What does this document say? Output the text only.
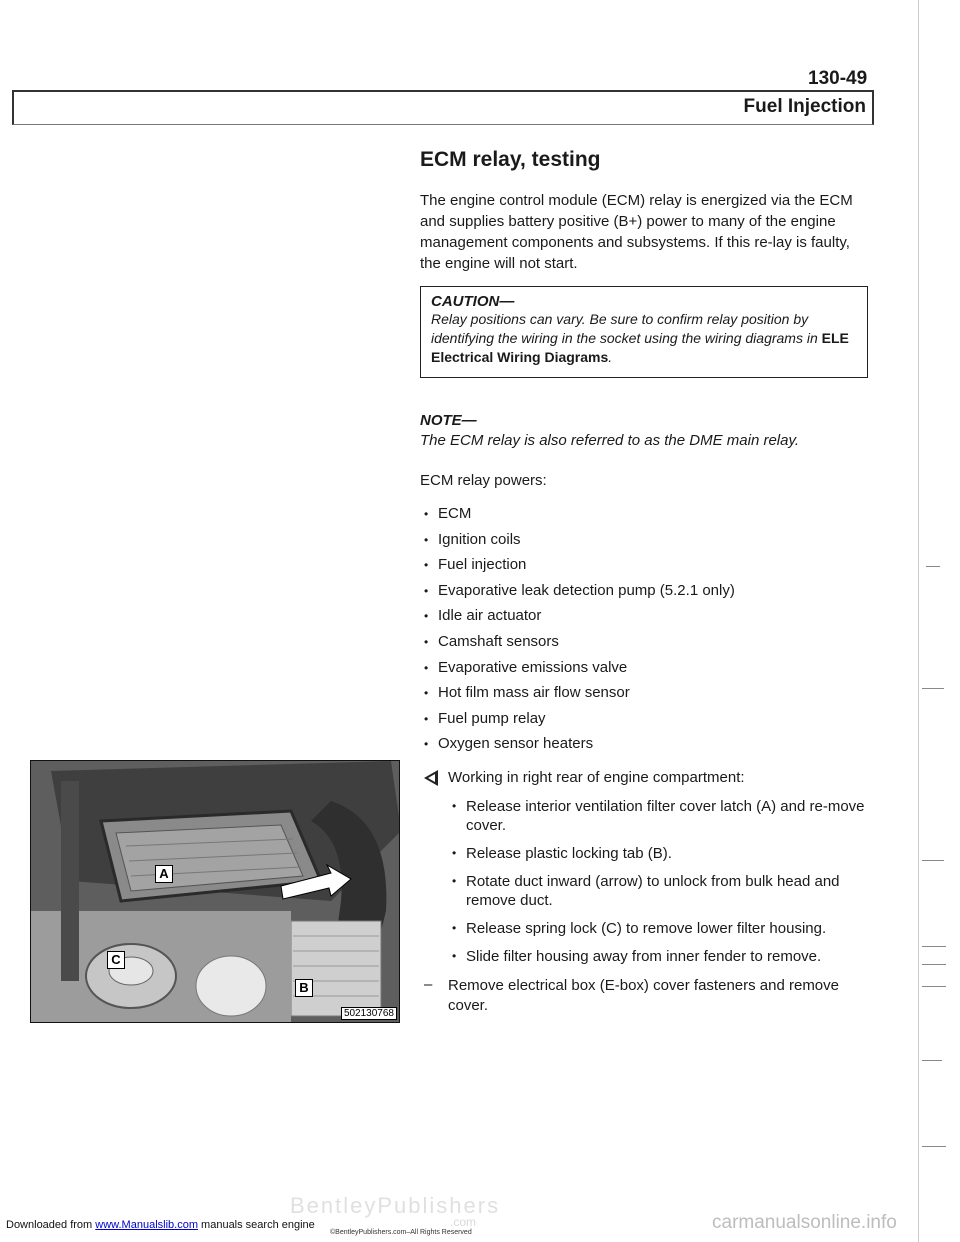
130-49
Fuel Injection
ECM relay, testing
The engine control module (ECM) relay is energized via the ECM and supplies battery positive (B+) power to many of the engine management components and subsystems. If this re-lay is faulty, the engine will not start.
CAUTION—
Relay positions can vary. Be sure to confirm relay position by identifying the wiring in the socket using the wiring diagrams in ELE Electrical Wiring Diagrams.
NOTE—
The ECM relay is also referred to as the DME main relay.
ECM relay powers:
• ECM
• Ignition coils
• Fuel injection
• Evaporative leak detection pump (5.2.1 only)
• Idle air actuator
• Camshaft sensors
• Evaporative emissions valve
• Hot film mass air flow sensor
• Fuel pump relay
• Oxygen sensor heaters
A
B
C
502130768
Working in right rear of engine compartment:
• Release interior ventilation filter cover latch (A) and re-move cover.
• Release plastic locking tab (B).
• Rotate duct inward (arrow) to unlock from bulk head and remove duct.
• Release spring lock (C) to remove lower filter housing.
• Slide filter housing away from inner fender to remove.
– Remove electrical box (E-box) cover fasteners and remove cover.
BentleyPublishers
.com
Downloaded from www.Manualslib.com manuals search engine
©BentleyPublishers.com–All Rights Reserved	carmanualsonline.info
